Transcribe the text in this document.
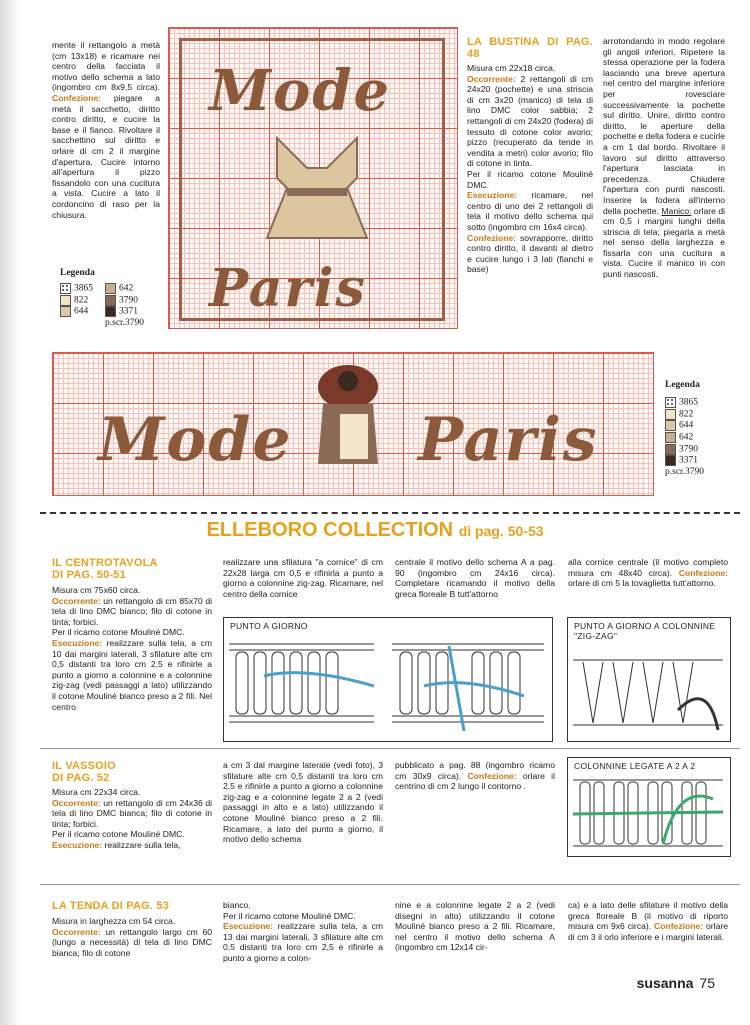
mente il rettangolo a metà (cm 13x18) e ricamare nei centro della facciata il motivo dello schema a lato (ingombro cm 8x9,5 circa). Confezione: piegare a metà il sacchetto, diritto contro diritto, e cucire la base e il fianco. Rivoltare il sacchettino sul diritto e orlare di cm 2 il margine d'apertura. Cucire intorno all'apertura il pizzo fissandolo con una cucitura a vista. Cucire a lato il cordoncino di raso per la chiusura.
Legenda
3865
822
644
642
3790
3371
p.scr.3790
Mode
Paris
LA BUSTINA DI PAG. 48
Misura cm 22x18 circa.
Occorrente: 2 rettangoli di cm 24x20 (pochette) e una striscia di cm 3x20 (manico) di tela di lino DMC color sabbia; 2 rettangoli di cm 24x20 (fodera) di tessuto di cotone color avorio; pizzo (recuperato da tende in vendita a metri) color avorio; filo di cotone in tinta.
Per il ricamo cotone Mouliné DMC.
Esecuzione: ricamare, nel centro di uno dei 2 rettangoli di tela il motivo dello schema qui sotto (ingombro cm 16x4 circa).
Confezione: sovrapporre, diritto contro diritto, il davanti al dietro e cucire lungo i 3 lati (fianchi e base)
arrotondando in modo regolare gli angoli inferiori. Ripetere la stessa operazione per la fodera lasciando una breve apertura nel centro del margine inferiore per rovesciare successivamente la pochette sul diritto. Unire, diritto contro diritto, le aperture della pochette e della fodera e cucirle a cm 1 dal bordo. Rivoltare il lavoro sul diritto attraverso l'apertura lasciata in precedenza. Chiudere l'apertura con punti nascosti. Inserire la fodera all'interno della pochette. Manico: orlare di cm 0,5 i margini lunghi della striscia di tela; piegarla a metà nel senso della larghezza e fissarla con una cucitura a vista. Cucire il manico in con punti nascosti.
Mode Paris
Legenda
3865
822
644
642
3790
3371
p.scr.3790
ELLEBORO COLLECTION di pag. 50-53
IL CENTROTAVOLA
DI PAG. 50-51
Misura cm 75x60 circa.
Occorrente: un rettangolo di cm 85x70 di tela di lino DMC bianco; filo di cotone in tinta; forbici.
Per il ricamo cotone Mouliné DMC.
Esecuzione: realizzare sulla tela, a cm 10 dai margini laterali, 3 sfilature alte cm 0,5 distanti tra loro cm 2,5 e rifinirle a punto a giorno a colonnine e a colonnine zig-zag (vedi passaggi a lato) utilizzando il cotone Mouliné bianco preso a 2 fili. Nel centro
realizzare una sfilatura "a cornice" di cm 22x28 larga cm 0,5 e rifinirla a punto a giorno a colonnine zig-zag. Ricamare, nel centro della cornice
centrale il motivo dello schema A a pag. 90 (ingombro cm 24x16 circa). Completare ricamando il motivo della greca floreale B tutt'attorno
alla cornice centrale (il motivo completo misura cm 48x40 circa). Confezione: orlare di cm 5 la tovaglietta tutt'attorno.
PUNTO A GIORNO	PUNTO A GIORNO A COLONNINE "ZIG-ZAG"
IL VASSOIO
DI PAG. 52
Misura cm 22x34 circa.
Occorrente: un rettangolo di cm 24x36 di tela di lino DMC bianca; filo di cotone in tinta; forbici.
Per il ricamo cotone Mouliné DMC.
Esecuzione: realizzare sulla tela,
a cm 3 dal margine laterale (vedi foto), 3 sfilature alte cm 0,5 distanti tra loro cm 2,5 e rifinirle a punto a giorno a colonnine zig-zag e a colonnine legate 2 a 2 (vedi passaggi in alto e a lato) utilizzando il cotone Mouliné bianco preso a 2 fili. Ricamare, a lato del punto a giorno, il motivo dello schema
pubblicato a pag. 88 (ingombro ricamo cm 30x9 circa). Confezione: orlare il centrino di cm 2 lungo il contorno .
COLONNINE LEGATE A 2 A 2
LA TENDA DI PAG. 53
Misura in larghezza cm 54 circa.
Occorrente: un rettangolo largo cm 60 (lungo a necessità) di tela di lino DMC bianca; filo di cotone
bianco.
Per il ricamo cotone Mouliné DMC.
Esecuzione: realizzare sulla tela, a cm 13 dai margini laterali, 3 sfilature alte cm 0,5 distanti tra loro cm 2,5 e rifinirle a punto a giorno a colon-
nine e a colonnine legate 2 a 2 (vedi disegni in alto) utilizzando il cotone Mouliné bianco preso a 2 fili. Ricamare, nel centro il motivo dello schema A (ingombro cm 12x14 cir-
ca) e a lato delle sfilature il motivo della greca floreale B (il motivo di riporto misura cm 9x6 circa). Confezione: orlare di cm 3 il orlo inferiore e i margini laterali.
susanna 75
